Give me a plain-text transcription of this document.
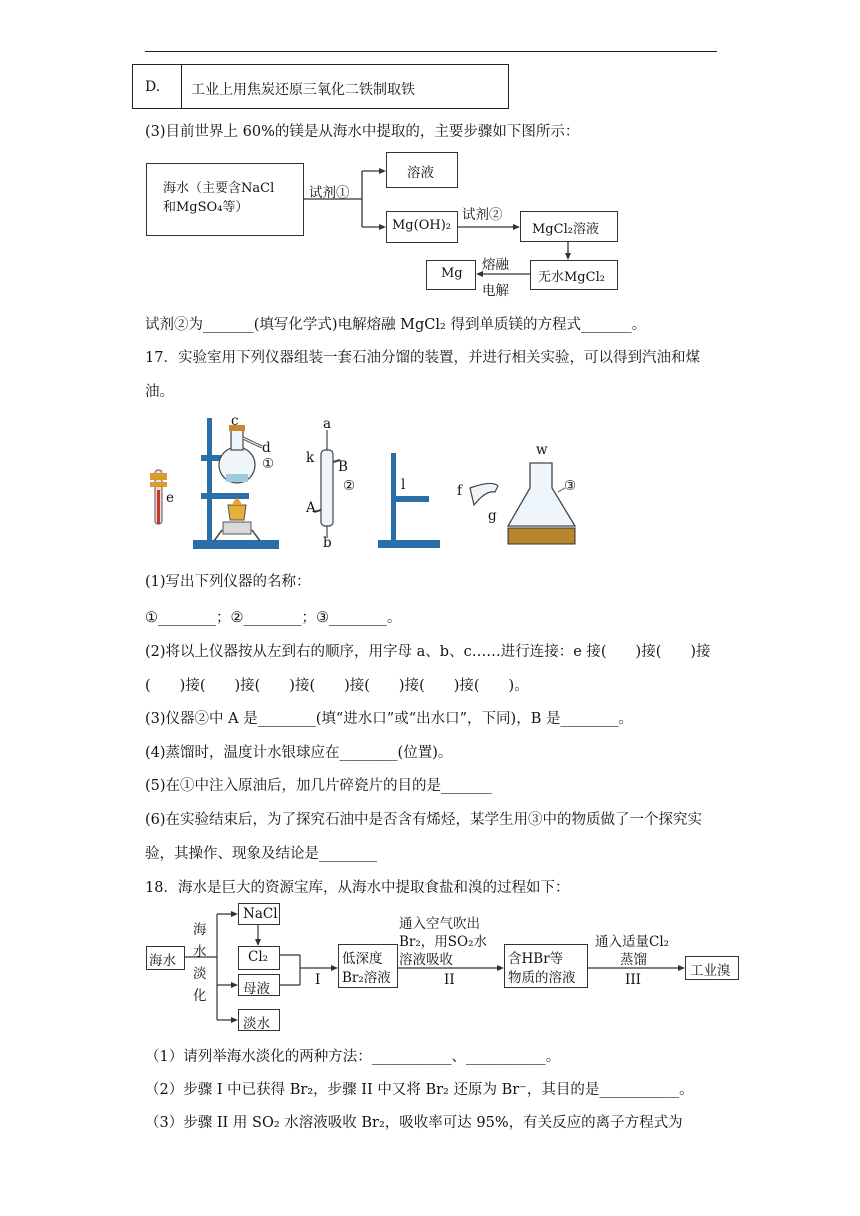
D. 工业上用焦炭还原三氧化二铁制取铁
(3)目前世界上 60%的镁是从海水中提取的，主要步骤如下图所示：
海水（主要含NaCl
和MgSO₄等）
试剂①
溶液
Mg(OH)₂
试剂②
MgCl₂溶液
无水MgCl₂
熔融
电解
Mg
试剂②为_______(填写化学式)电解熔融 MgCl₂ 得到单质镁的方程式_______。
17．实验室用下列仪器组装一套石油分馏的装置，并进行相关实验，可以得到汽油和煤
油。
e
c
d
①
a
k
B
②
A
b
l	f
g
w
③
(1)写出下列仪器的名称：
①________；②________；③________。
(2)将以上仪器按从左到右的顺序，用字母 a、b、c……进行连接：e 接(　　)接(　　)接
(　　)接(　　)接(　　)接(　　)接(　　)接(　　)接(　　)。
(3)仪器②中 A 是________(填“进水口”或“出水口”，下同)，B 是________。
(4)蒸馏时，温度计水银球应在________(位置)。
(5)在①中注入原油后，加几片碎瓷片的目的是_______
(6)在实验结束后，为了探究石油中是否含有烯烃，某学生用③中的物质做了一个探究实
验，其操作、现象及结论是________
18．海水是巨大的资源宝库，从海水中提取食盐和溴的过程如下：
海水
海
水
淡
化
NaCl
Cl₂
母液
淡水
I
低深度
Br₂溶液
通入空气吹出
Br₂，用SO₂水
溶液吸收
II
含HBr等
物质的溶液
通入适量Cl₂
蒸馏
III
工业溴
（1）请列举海水淡化的两种方法：___________、___________。
（2）步骤 I 中已获得 Br₂，步骤 II 中又将 Br₂ 还原为 Br⁻，其目的是___________。
（3）步骤 II 用 SO₂ 水溶液吸收 Br₂，吸收率可达 95%，有关反应的离子方程式为
